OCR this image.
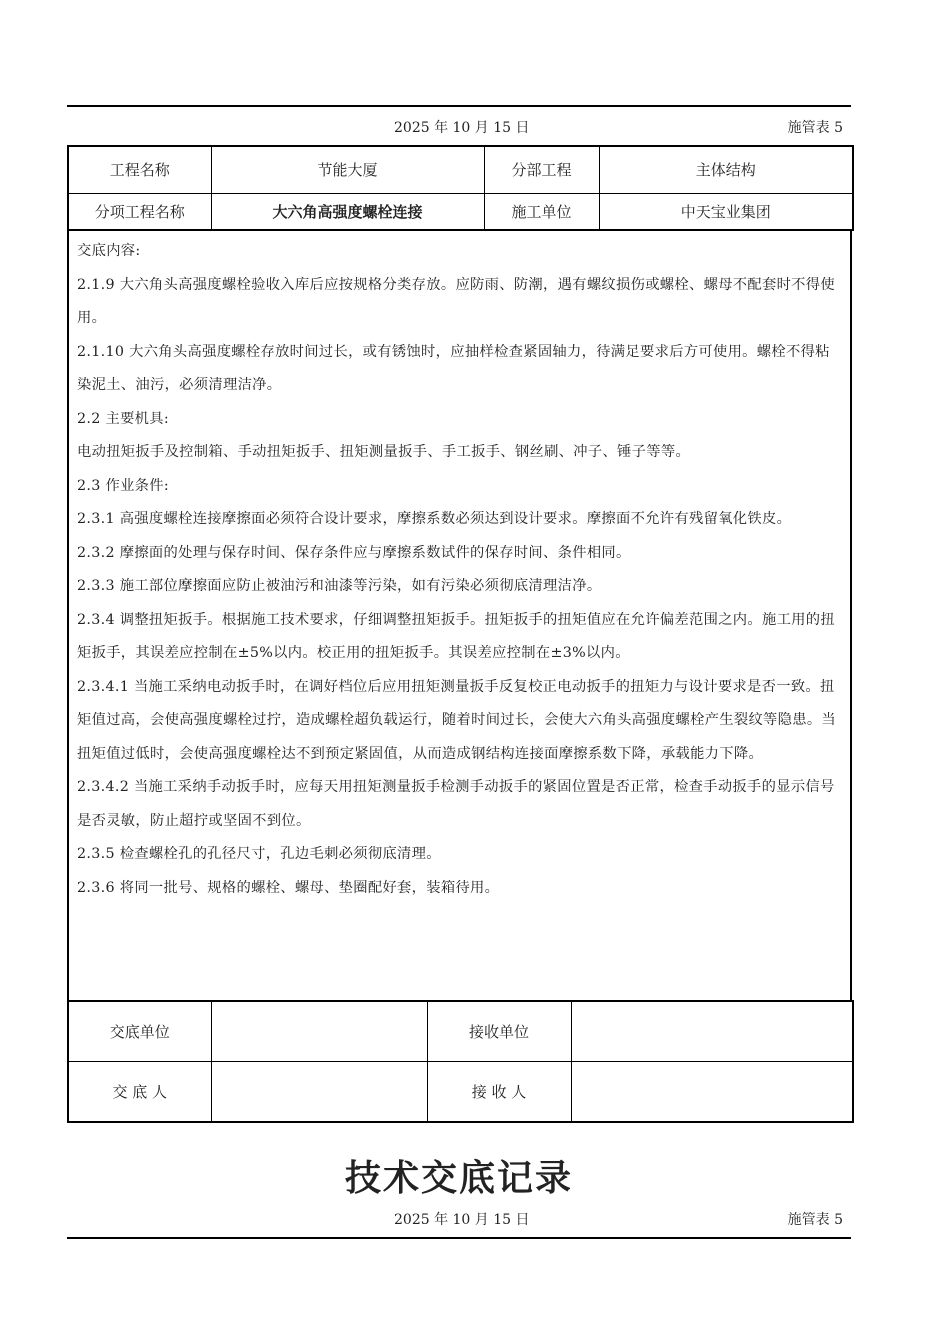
2025 年 10 月 15 日	施管表 5
工程名称	节能大厦	分部工程	主体结构
分项工程名称	大六角高强度螺栓连接	施工单位	中天宝业集团

交底内容:

2.1.9 大六角头高强度螺栓验收入库后应按规格分类存放。应防雨、防潮，遇有螺纹损伤或螺栓、螺母不配套时不得使用。

2.1.10 大六角头高强度螺栓存放时间过长，或有锈蚀时，应抽样检查紧固轴力，待满足要求后方可使用。螺栓不得粘染泥土、油污，必须清理洁净。

2.2 主要机具:

电动扭矩扳手及控制箱、手动扭矩扳手、扭矩测量扳手、手工扳手、钢丝刷、冲子、锤子等等。

2.3 作业条件:

2.3.1 高强度螺栓连接摩擦面必须符合设计要求，摩擦系数必须达到设计要求。摩擦面不允许有残留氧化铁皮。

2.3.2 摩擦面的处理与保存时间、保存条件应与摩擦系数试件的保存时间、条件相同。

2.3.3 施工部位摩擦面应防止被油污和油漆等污染，如有污染必须彻底清理洁净。

2.3.4 调整扭矩扳手。根据施工技术要求，仔细调整扭矩扳手。扭矩扳手的扭矩值应在允许偏差范围之内。施工用的扭矩扳手，其误差应控制在±5%以内。校正用的扭矩扳手。其误差应控制在±3%以内。

2.3.4.1 当施工采纳电动扳手时，在调好档位后应用扭矩测量扳手反复校正电动扳手的扭矩力与设计要求是否一致。扭矩值过高，会使高强度螺栓过拧，造成螺栓超负载运行，随着时间过长，会使大六角头高强度螺栓产生裂纹等隐患。当扭矩值过低时，会使高强度螺栓达不到预定紧固值，从而造成钢结构连接面摩擦系数下降，承载能力下降。

2.3.4.2 当施工采纳手动扳手时，应每天用扭矩测量扳手检测手动扳手的紧固位置是否正常，检查手动扳手的显示信号是否灵敏，防止超拧或坚固不到位。

2.3.5 检查螺栓孔的孔径尺寸，孔边毛刺必须彻底清理。

2.3.6 将同一批号、规格的螺栓、螺母、垫圈配好套，装箱待用。

交底单位		接收单位	
交 底 人		接 收 人	
技术交底记录
2025 年 10 月 15 日	施管表 5
